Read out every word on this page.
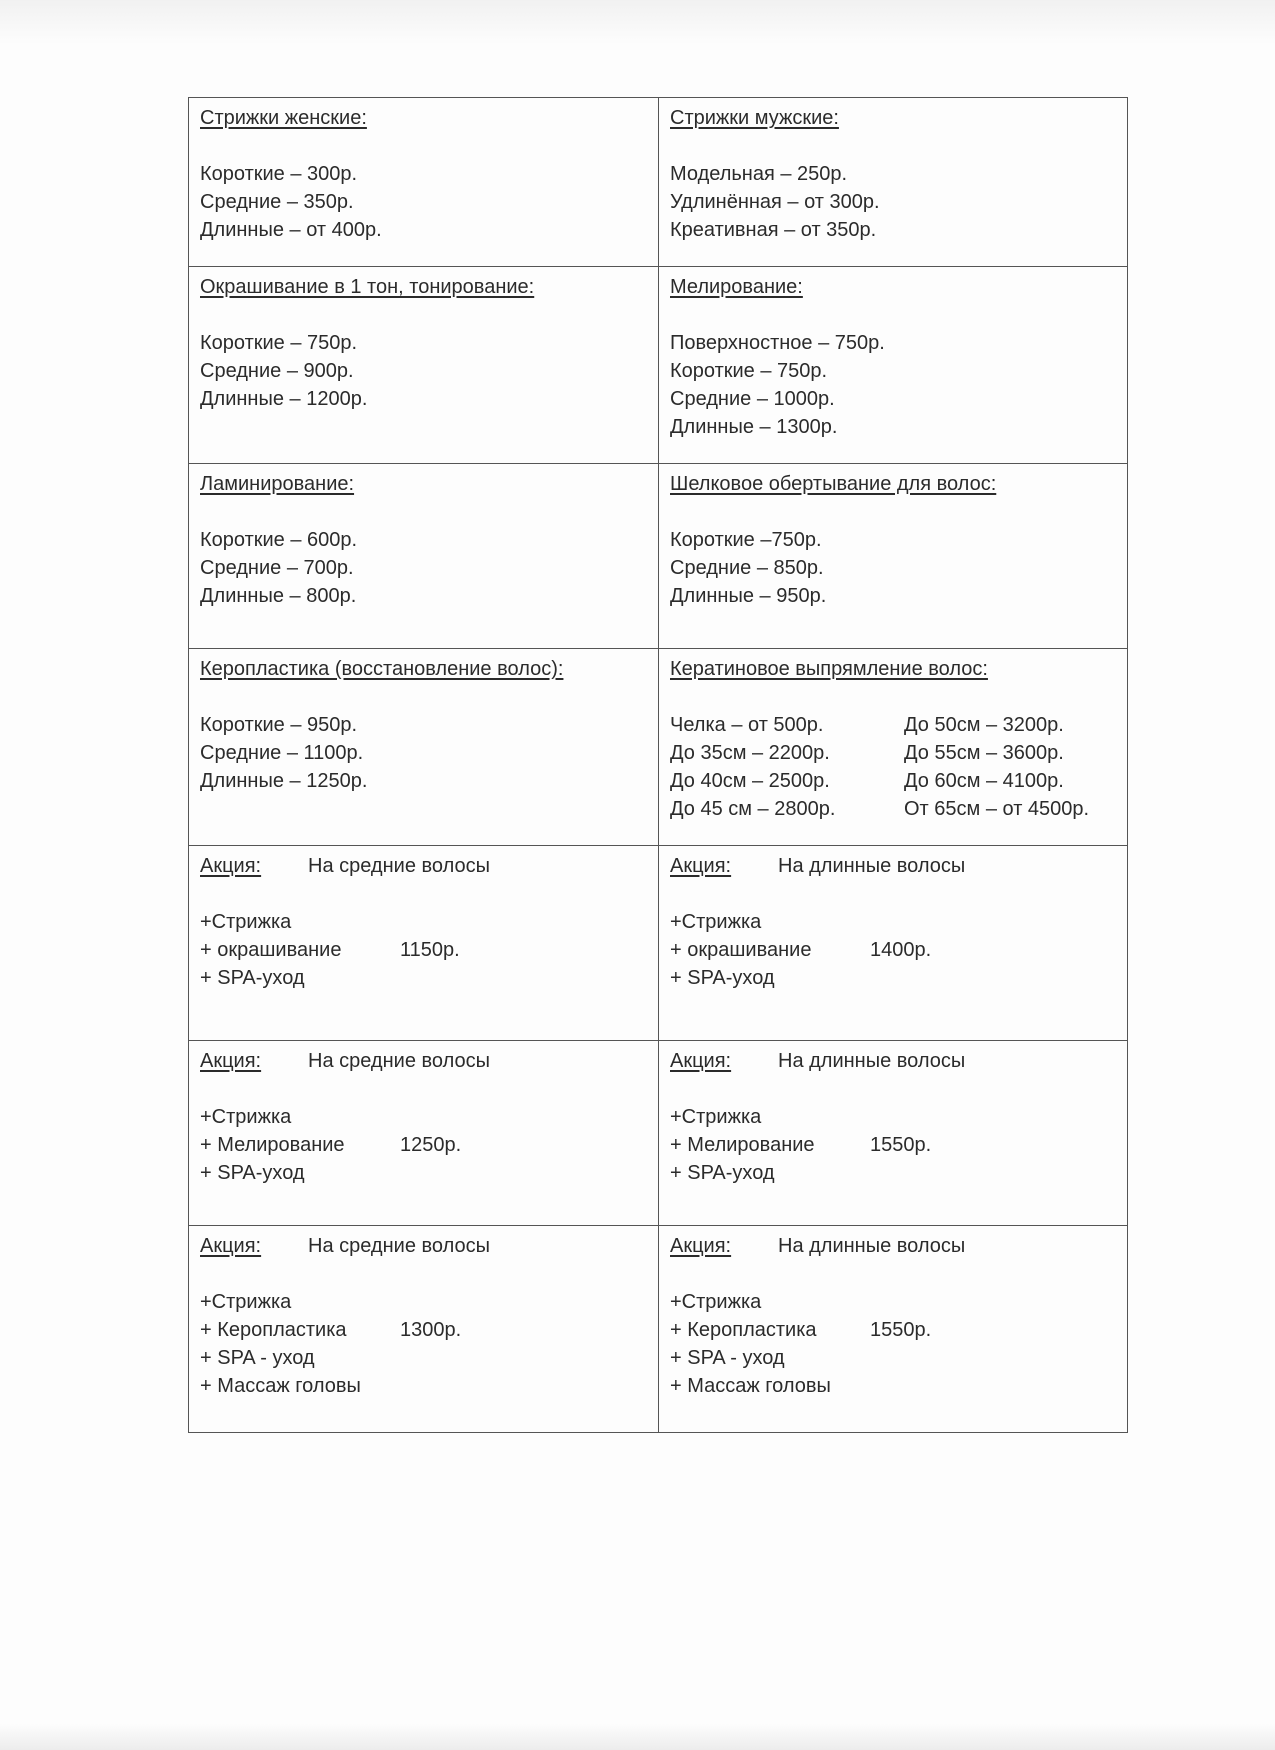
Стрижки женские:
Короткие – 300р.
Средние – 350р.
Длинные – от 400р.
Стрижки мужские:
Модельная – 250р.
Удлинённая – от 300р.
Креативная – от 350р.
Окрашивание в 1 тон, тонирование:
Короткие – 750р.
Средние – 900р.
Длинные – 1200р.
Мелирование:
Поверхностное – 750р.
Короткие – 750р.
Средние – 1000р.
Длинные – 1300р.
Ламинирование:
Короткие – 600р.
Средние – 700р.
Длинные – 800р.
Шелковое обертывание для волос:
Короткие –750р.
Средние – 850р.
Длинные – 950р.
Керопластика (восстановление волос):
Короткие – 950р.
Средние – 1100р.
Длинные – 1250р.
Кератиновое выпрямление волос:
Челка – от 500р.	До 50см – 3200р.
До 35см – 2200р.	До 55см – 3600р.
До 40см – 2500р.	До 60см – 4100р.
До 45 см – 2800р.	От 65см – от 4500р.
Акция: На средние волосы
+Стрижка
+ окрашивание	1150р.
+ SPA-уход
Акция: На длинные волосы
+Стрижка
+ окрашивание	1400р.
+ SPA-уход
Акция: На средние волосы
+Стрижка
+ Мелирование	1250р.
+ SPA-уход
Акция: На длинные волосы
+Стрижка
+ Мелирование	1550р.
+ SPA-уход
Акция: На средние волосы
+Стрижка
+ Керопластика	1300р.
+ SPA - уход
+ Массаж головы
Акция: На длинные волосы
+Стрижка
+ Керопластика	1550р.
+ SPA - уход
+ Массаж головы
